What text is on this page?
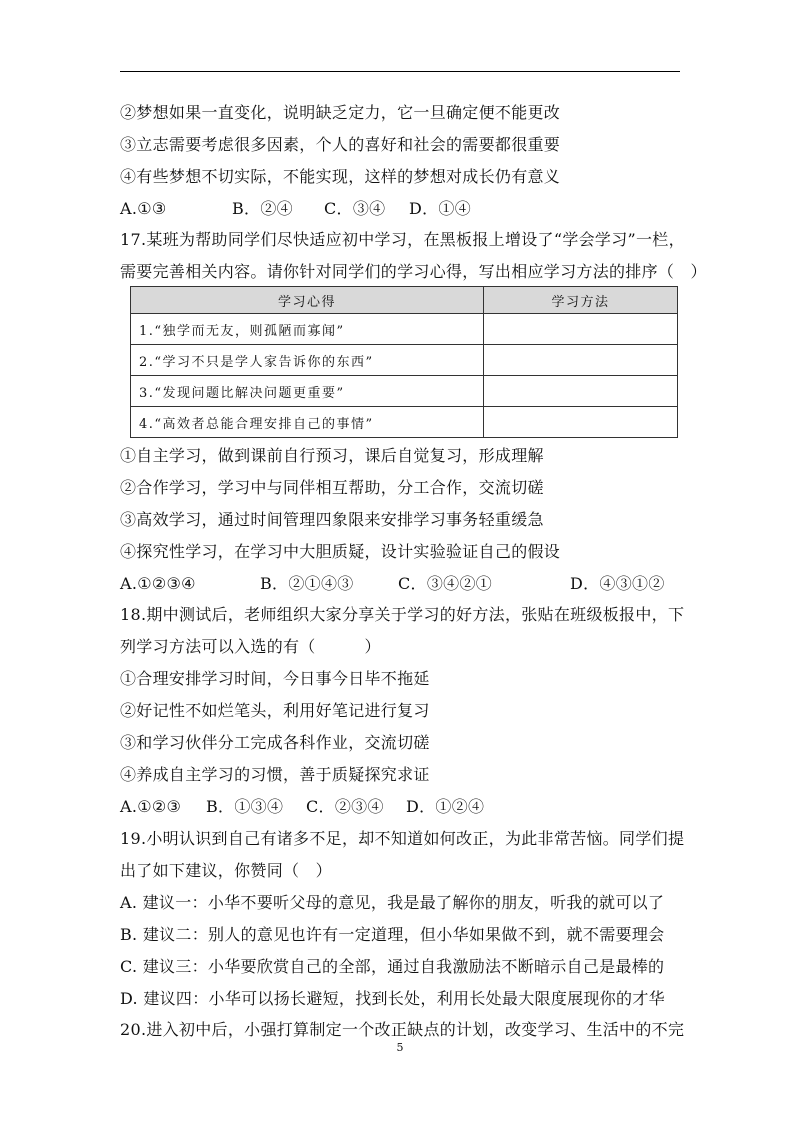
②梦想如果一直变化，说明缺乏定力，它一旦确定便不能更改
③立志需要考虑很多因素，个人的喜好和社会的需要都很重要
④有些梦想不切实际，不能实现，这样的梦想对成长仍有意义
A.①③	B．②④ C．③④ D．①④
17.某班为帮助同学们尽快适应初中学习，在黑板报上增设了“学会学习”一栏，
需要完善相关内容。请你针对同学们的学习心得，写出相应学习方法的排序（　）
学习心得	学习方法
1.“独学而无友，则孤陋而寡闻”	
2.“学习不只是学人家告诉你的东西”	
3.“发现问题比解决问题更重要”	
4.“高效者总能合理安排自己的事情”	
①自主学习，做到课前自行预习，课后自觉复习，形成理解
②合作学习，学习中与同伴相互帮助，分工合作，交流切磋
③高效学习，通过时间管理四象限来安排学习事务轻重缓急
④探究性学习，在学习中大胆质疑，设计实验验证自己的假设
A.①②③④	B．②①④③	C．③④②①	D．④③①②
18.期中测试后，老师组织大家分享关于学习的好方法，张贴在班级板报中，下
列学习方法可以入选的有（　　　）
①合理安排学习时间，今日事今日毕不拖延
②好记性不如烂笔头，利用好笔记进行复习
③和学习伙伴分工完成各科作业，交流切磋
④养成自主学习的习惯，善于质疑探究求证
A.①②③ B．①③④ C．②③④ D．①②④
19.小明认识到自己有诸多不足，却不知道如何改正，为此非常苦恼。同学们提
出了如下建议，你赞同（　）
A. 建议一：小华不要听父母的意见，我是最了解你的朋友，听我的就可以了
B. 建议二：别人的意见也许有一定道理，但小华如果做不到，就不需要理会
C. 建议三：小华要欣赏自己的全部，通过自我激励法不断暗示自己是最棒的
D. 建议四：小华可以扬长避短，找到长处，利用长处最大限度展现你的才华
20.进入初中后，小强打算制定一个改正缺点的计划，改变学习、生活中的不完
5
